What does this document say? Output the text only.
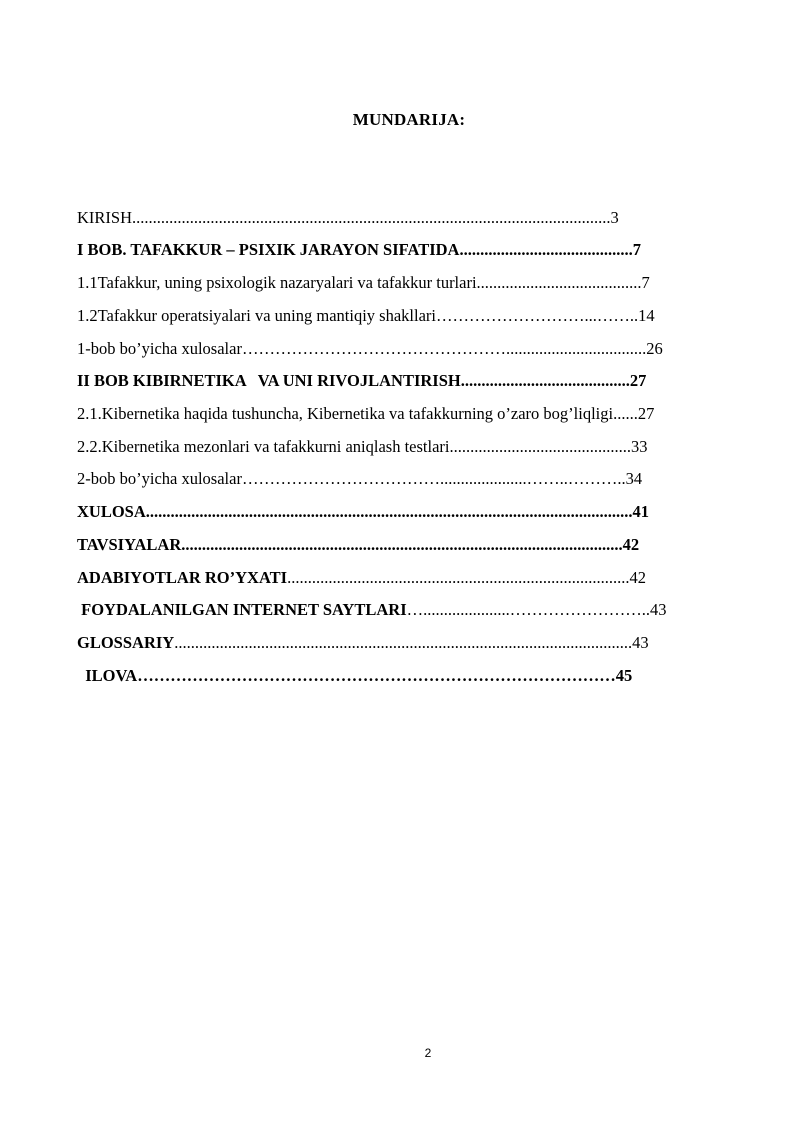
MUNDARIJA:
KIRISH....................................................................................................................3
I BOB. TAFAKKUR – PSIXIK JARAYON SIFATIDA..........................................7
1.1Tafakkur, uning psixologik nazaryalari va tafakkur turlari........................................7
1.2Tafakkur operatsiyalari va uning mantiqiy shakllari………………………...……..14
1-bob bo’yicha xulosalar…………………………………………..................................26
II BOB KIBIRNETIKA   VA UNI RIVOJLANTIRISH.........................................27
2.1.Kibernetika haqida tushuncha, Kibernetika va tafakkurning o’zaro bog’liqligi......27
2.2.Kibernetika mezonlari va tafakkurni aniqlash testlari............................................33
2-bob bo’yicha xulosalar……………………………….....................……..………..34
XULOSA......................................................................................................................41
TAVSIYALAR...........................................................................................................42
ADABIYOTLAR RO’YXATI...................................................................................42
FOYDALANILGAN INTERNET SAYTLARI….....................……………………..43
GLOSSARIY...............................................................................................................43
ILOVA……………………………………………………………………………45
2
